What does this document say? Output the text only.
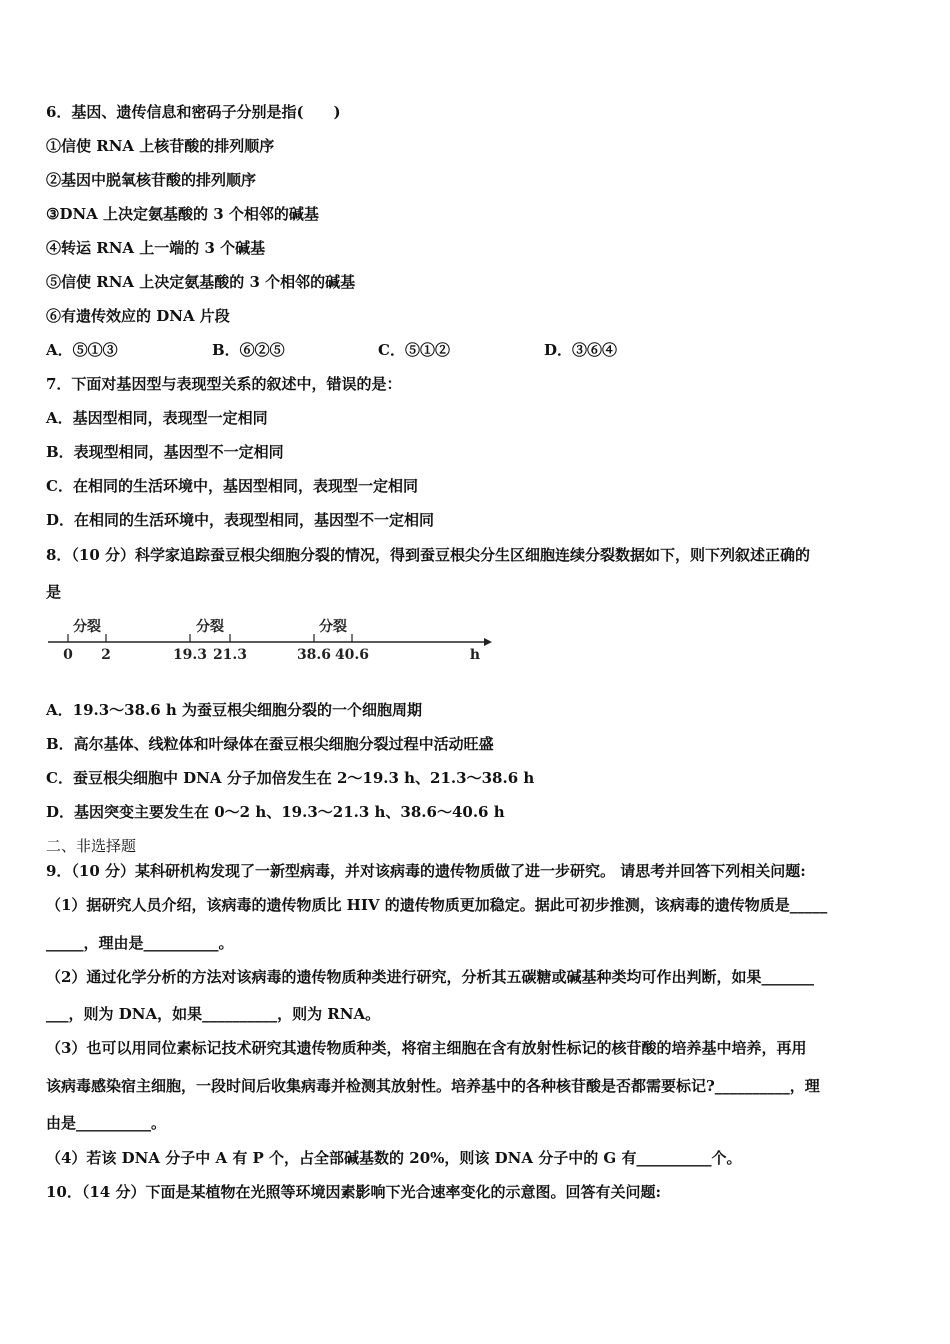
6．基因、遗传信息和密码子分别是指(　　)
①信使 RNA 上核苷酸的排列顺序
②基因中脱氧核苷酸的排列顺序
③DNA 上决定氨基酸的 3 个相邻的碱基
④转运 RNA 上一端的 3 个碱基
⑤信使 RNA 上决定氨基酸的 3 个相邻的碱基
⑥有遗传效应的 DNA 片段
A．⑤①③	B．⑥②⑤	C．⑤①②	D．③⑥④
7．下面对基因型与表现型关系的叙述中，错误的是：
A．基因型相同，表现型一定相同
B．表现型相同，基因型不一定相同
C．在相同的生活环境中，基因型相同，表现型一定相同
D．在相同的生活环境中，表现型相同，基因型不一定相同
8．（10 分）科学家追踪蚕豆根尖细胞分裂的情况，得到蚕豆根尖分生区细胞连续分裂数据如下，则下列叙述正确的
是
分裂	分裂	分裂
0 2	19.3 21.3	38.6 40.6	h
A．19.3～38.6 h 为蚕豆根尖细胞分裂的一个细胞周期
B．高尔基体、线粒体和叶绿体在蚕豆根尖细胞分裂过程中活动旺盛
C．蚕豆根尖细胞中 DNA 分子加倍发生在 2～19.3 h、21.3～38.6 h
D．基因突变主要发生在 0～2 h、19.3～21.3 h、38.6～40.6 h
二、非选择题
9．（10 分）某科研机构发现了一新型病毒，并对该病毒的遗传物质做了进一步研究。 请思考并回答下列相关问题:
（1）据研究人员介绍，该病毒的遗传物质比 HIV 的遗传物质更加稳定。据此可初步推测，该病毒的遗传物质是_____
_____，理由是__________。
（2）通过化学分析的方法对该病毒的遗传物质种类进行研究，分析其五碳糖或碱基种类均可作出判断，如果_______
___，则为 DNA，如果__________，则为 RNA。
（3）也可以用同位素标记技术研究其遗传物质种类，将宿主细胞在含有放射性标记的核苷酸的培养基中培养，再用
该病毒感染宿主细胞，一段时间后收集病毒并检测其放射性。培养基中的各种核苷酸是否都需要标记?__________，理
由是__________。
（4）若该 DNA 分子中 A 有 P 个，占全部碱基数的 20%，则该 DNA 分子中的 G 有__________个。
10．（14 分）下面是某植物在光照等环境因素影响下光合速率变化的示意图。回答有关问题:
